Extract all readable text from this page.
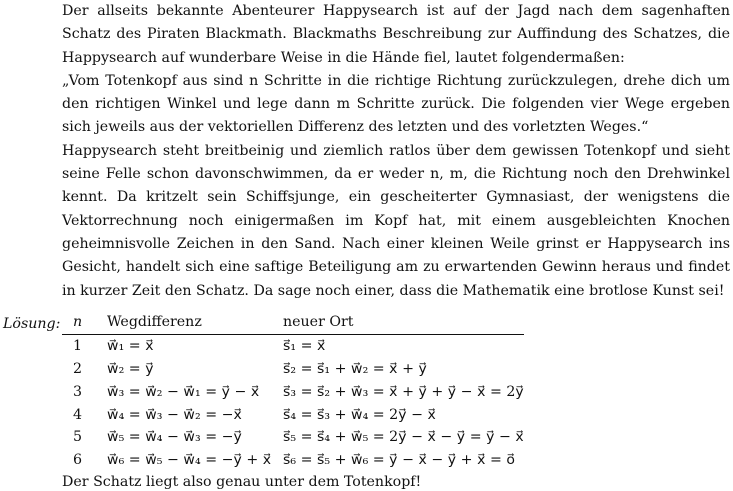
Der allseits bekannte Abenteurer Happysearch ist auf der Jagd nach dem sagenhaften Schatz des Piraten Blackmath. Blackmaths Beschreibung zur Auffindung des Schatzes, die Happysearch auf wunderbare Weise in die Hände fiel, lautet folgendermaßen:

„Vom Totenkopf aus sind n Schritte in die richtige Richtung zurückzulegen, drehe dich um den richtigen Winkel und lege dann m Schritte zurück. Die folgenden vier Wege ergeben sich jeweils aus der vektoriellen Differenz des letzten und des vorletzten Weges.“

Happysearch steht breitbeinig und ziemlich ratlos über dem gewissen Totenkopf und sieht seine Felle schon davonschwimmen, da er weder n, m, die Richtung noch den Drehwinkel kennt. Da kritzelt sein Schiffsjunge, ein gescheiterter Gymnasiast, der wenigstens die Vektorrechnung noch einigermaßen im Kopf hat, mit einem ausgebleichten Knochen geheimnisvolle Zeichen in den Sand. Nach einer kleinen Weile grinst er Happysearch ins Gesicht, handelt sich eine saftige Beteiligung am zu erwartenden Gewinn heraus und findet in kurzer Zeit den Schatz. Da sage noch einer, dass die Mathematik eine brotlose Kunst sei!

Lösung: n	Wegdifferenz	neuer Ort
1	w⃗₁ = x⃗	s⃗₁ = x⃗
2	w⃗₂ = y⃗	s⃗₂ = s⃗₁ + w⃗₂ = x⃗ + y⃗
3	w⃗₃ = w⃗₂ − w⃗₁ = y⃗ − x⃗	s⃗₃ = s⃗₂ + w⃗₃ = x⃗ + y⃗ + y⃗ − x⃗ = 2y⃗
4	w⃗₄ = w⃗₃ − w⃗₂ = −x⃗	s⃗₄ = s⃗₃ + w⃗₄ = 2y⃗ − x⃗
5	w⃗₅ = w⃗₄ − w⃗₃ = −y⃗	s⃗₅ = s⃗₄ + w⃗₅ = 2y⃗ − x⃗ − y⃗ = y⃗ − x⃗
6	w⃗₆ = w⃗₅ − w⃗₄ = −y⃗ + x⃗	s⃗₆ = s⃗₅ + w⃗₆ = y⃗ − x⃗ − y⃗ + x⃗ = o⃗
Der Schatz liegt also genau unter dem Totenkopf!
